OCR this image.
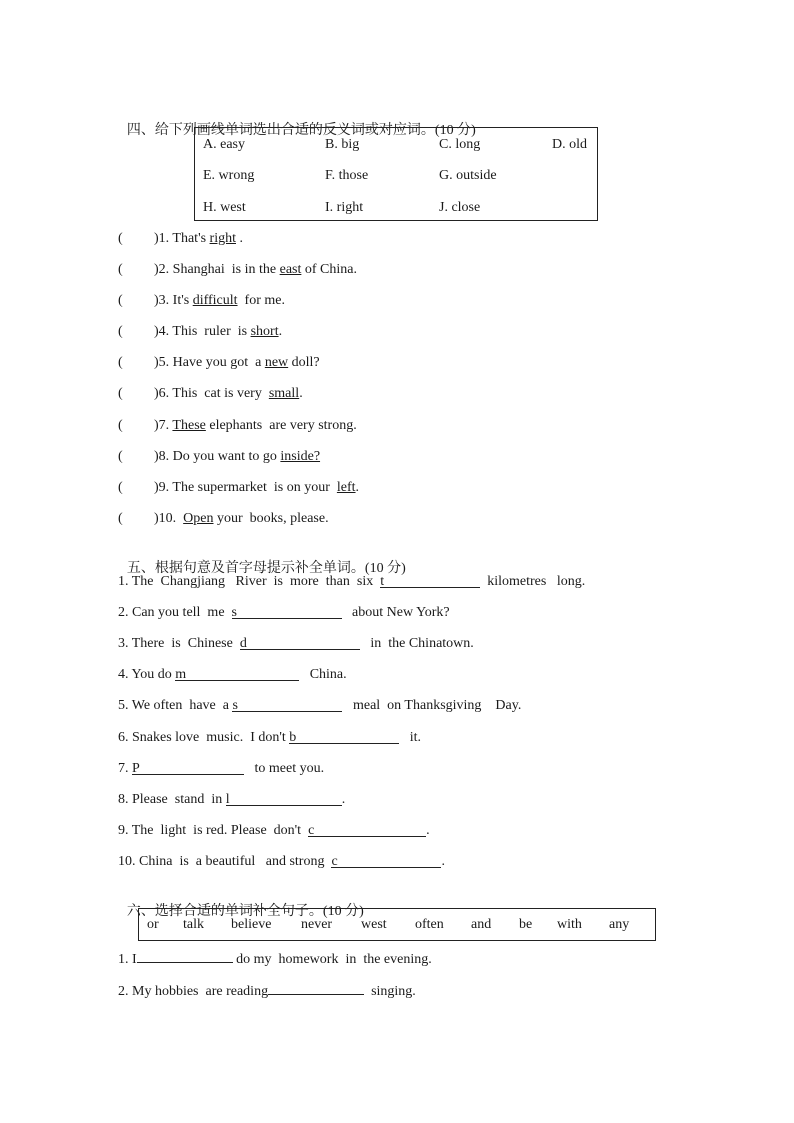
四、给下列画线单词选出合适的反义词或对应词。(10 分)

A. easy	B. big	C. long	D. old
E. wrong	F. those	G. outside
H. west	I. right	J. close
( )1. That's right .
( )2. Shanghai  is in the east of China.
( )3. It's difficult  for me.
( )4. This  ruler  is short.
( )5. Have you got  a new doll?
( )6. This  cat is very  small.
( )7. These elephants  are very strong.
( )8. Do you want to go inside?
( )9. The supermarket  is on your  left.
( )10. Open your  books, please.

五、根据句意及首字母提示补全单词。(10 分)

1. The  Changjiang   River  is  more  than  six  t	kilometres   long.
2. Can you tell  me  s	about New York?
3. There  is  Chinese  d	in  the Chinatown.
4. You do m	China.
5. We often  have  a s	meal  on Thanksgiving    Day.
6. Snakes love  music.  I don't b	it.
7. P	to meet you.
8. Please  stand  in l	.
9. The  light  is red. Please  don't  c	.
10. China  is  a beautiful   and strong  c	.

六、选择合适的单词补全句子。(10 分)

or talk believe never west often and be with any
1. I	do my  homework  in  the evening.
2. My hobbies  are reading	singing.
